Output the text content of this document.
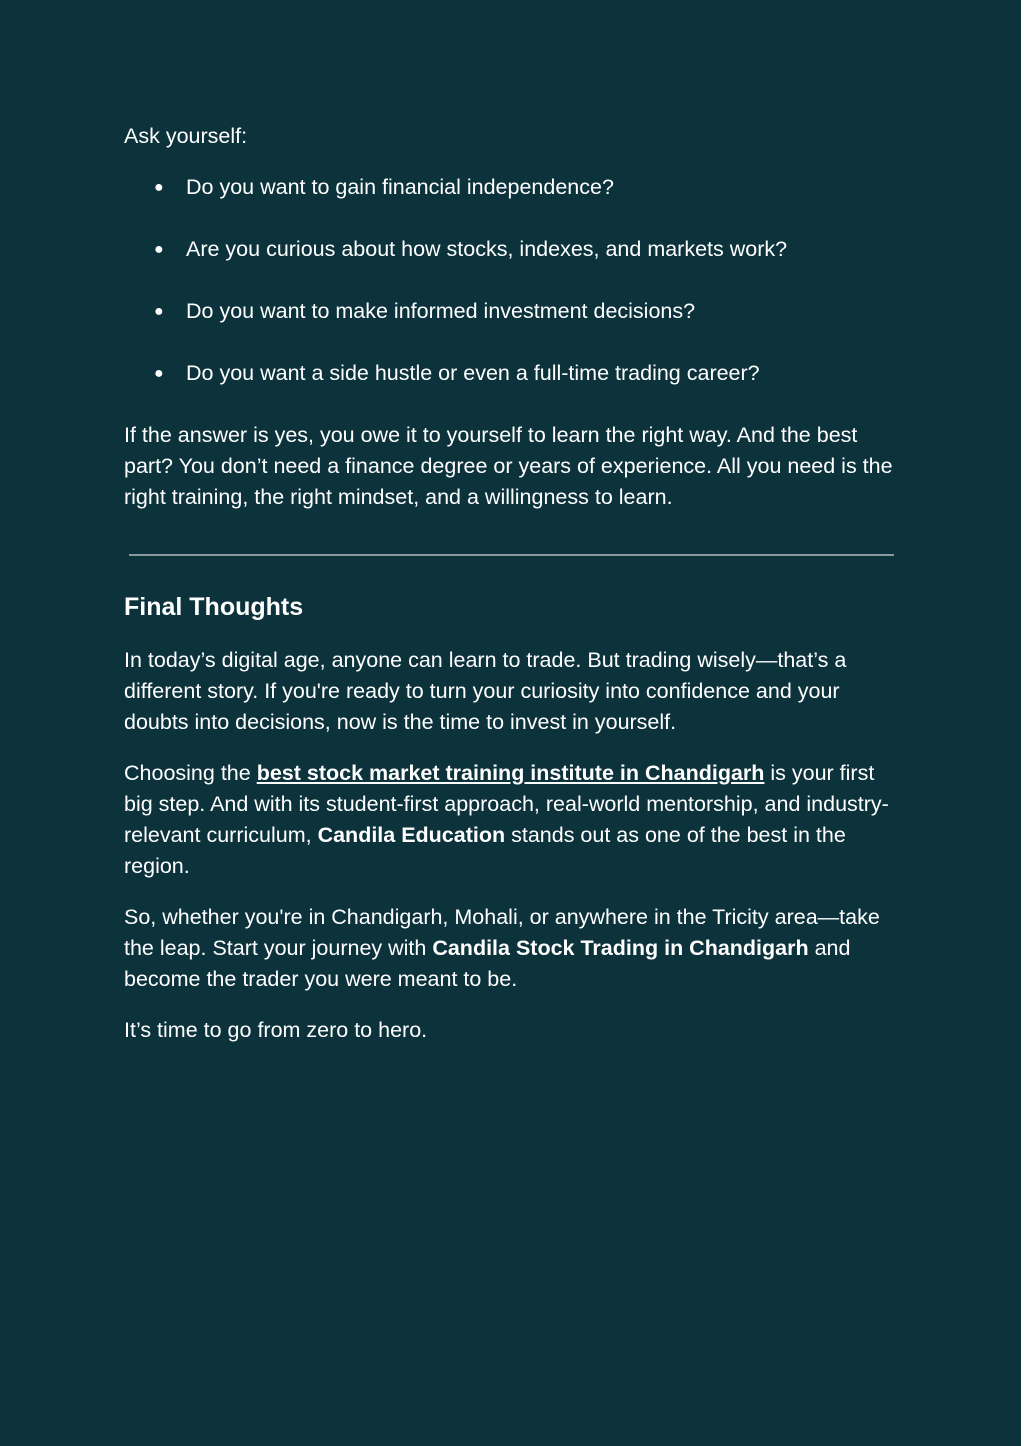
Ask yourself:

● Do you want to gain financial independence?
● Are you curious about how stocks, indexes, and markets work?
● Do you want to make informed investment decisions?
● Do you want a side hustle or even a full-time trading career?

If the answer is yes, you owe it to yourself to learn the right way. And the best part? You don’t need a finance degree or years of experience. All you need is the right training, the right mindset, and a willingness to learn.

Final Thoughts

In today’s digital age, anyone can learn to trade. But trading wisely—that’s a different story. If you're ready to turn your curiosity into confidence and your doubts into decisions, now is the time to invest in yourself.

Choosing the best stock market training institute in Chandigarh is your first big step. And with its student-first approach, real-world mentorship, and industry-relevant curriculum, Candila Education stands out as one of the best in the region.

So, whether you're in Chandigarh, Mohali, or anywhere in the Tricity area—take the leap. Start your journey with Candila Stock Trading in Chandigarh and become the trader you were meant to be.

It’s time to go from zero to hero.
